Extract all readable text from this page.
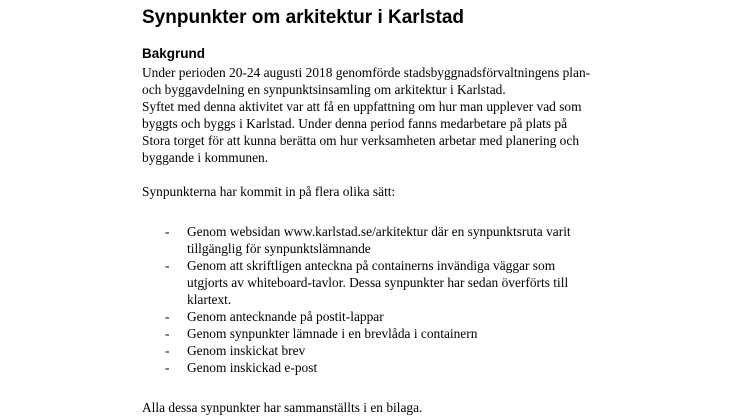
Synpunkter om arkitektur i Karlstad
Bakgrund

Under perioden 20-24 augusti 2018 genomförde stadsbyggnadsförvaltningens plan-
och byggavdelning en synpunktsinsamling om arkitektur i Karlstad.

Syftet med denna aktivitet var att få en uppfattning om hur man upplever vad som
byggts och byggs i Karlstad. Under denna period fanns medarbetare på plats på
Stora torget för att kunna berätta om hur verksamheten arbetar med planering och
byggande i kommunen.

Synpunkterna har kommit in på flera olika sätt:

- Genom websidan www.karlstad.se/arkitektur där en synpunktsruta varit
tillgänglig för synpunktslämnande
- Genom att skriftligen anteckna på containerns invändiga väggar som
utgjorts av whiteboard-tavlor. Dessa synpunkter har sedan överförts till
klartext.
- Genom antecknande på postit-lappar
- Genom synpunkter lämnade i en brevlåda i containern
- Genom inskickat brev
- Genom inskickad e-post

Alla dessa synpunkter har sammanställts i en bilaga.
